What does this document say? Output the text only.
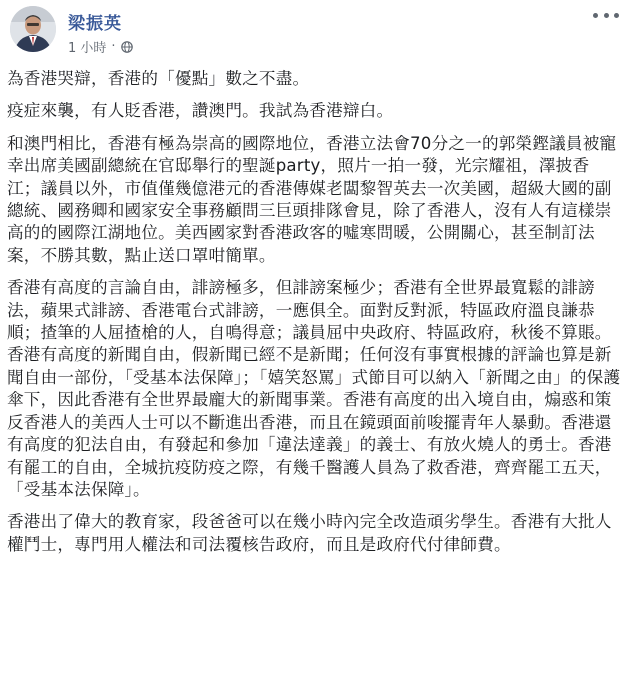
梁振英
1 小時 ·

為香港哭辯，香港的「優點」數之不盡。

疫症來襲，有人貶香港，讚澳門。我試為香港辯白。

和澳門相比，香港有極為崇高的國際地位，香港立法會70分之一的郭榮鏗議員被寵幸出席美國副總統在官邸舉行的聖誕party，照片一拍一發，光宗耀祖，澤披香江；議員以外，市值僅幾億港元的香港傳媒老闆黎智英去一次美國，超級大國的副總統、國務卿和國家安全事務顧問三巨頭排隊會見，除了香港人，沒有人有這樣崇高的的國際江湖地位。美西國家對香港政客的噓寒問暖，公開關心，甚至制訂法案，不勝其數，點止送口罩咁簡單。

香港有高度的言論自由，誹謗極多，但誹謗案極少；香港有全世界最寬鬆的誹謗法，蘋果式誹謗、香港電台式誹謗，一應俱全。面對反對派，特區政府溫良謙恭順；揸筆的人屈揸槍的人，自鳴得意；議員屈中央政府、特區政府，秋後不算賬。香港有高度的新聞自由，假新聞已經不是新聞；任何沒有事實根據的評論也算是新聞自由一部份，「受基本法保障」；「嬉笑怒罵」式節目可以納入「新聞之由」的保護傘下，因此香港有全世界最龐大的新聞事業。香港有高度的出入境自由，煽惑和策反香港人的美西人士可以不斷進出香港，而且在鏡頭面前唆擺青年人暴動。香港還有高度的犯法自由，有發起和參加「違法達義」的義士、有放火燒人的勇士。香港有罷工的自由，全城抗疫防疫之際，有幾千醫護人員為了救香港，齊齊罷工五天，「受基本法保障」。

香港出了偉大的教育家，段爸爸可以在幾小時內完全改造頑劣學生。香港有大批人權鬥士，專門用人權法和司法覆核告政府，而且是政府代付律師費。
